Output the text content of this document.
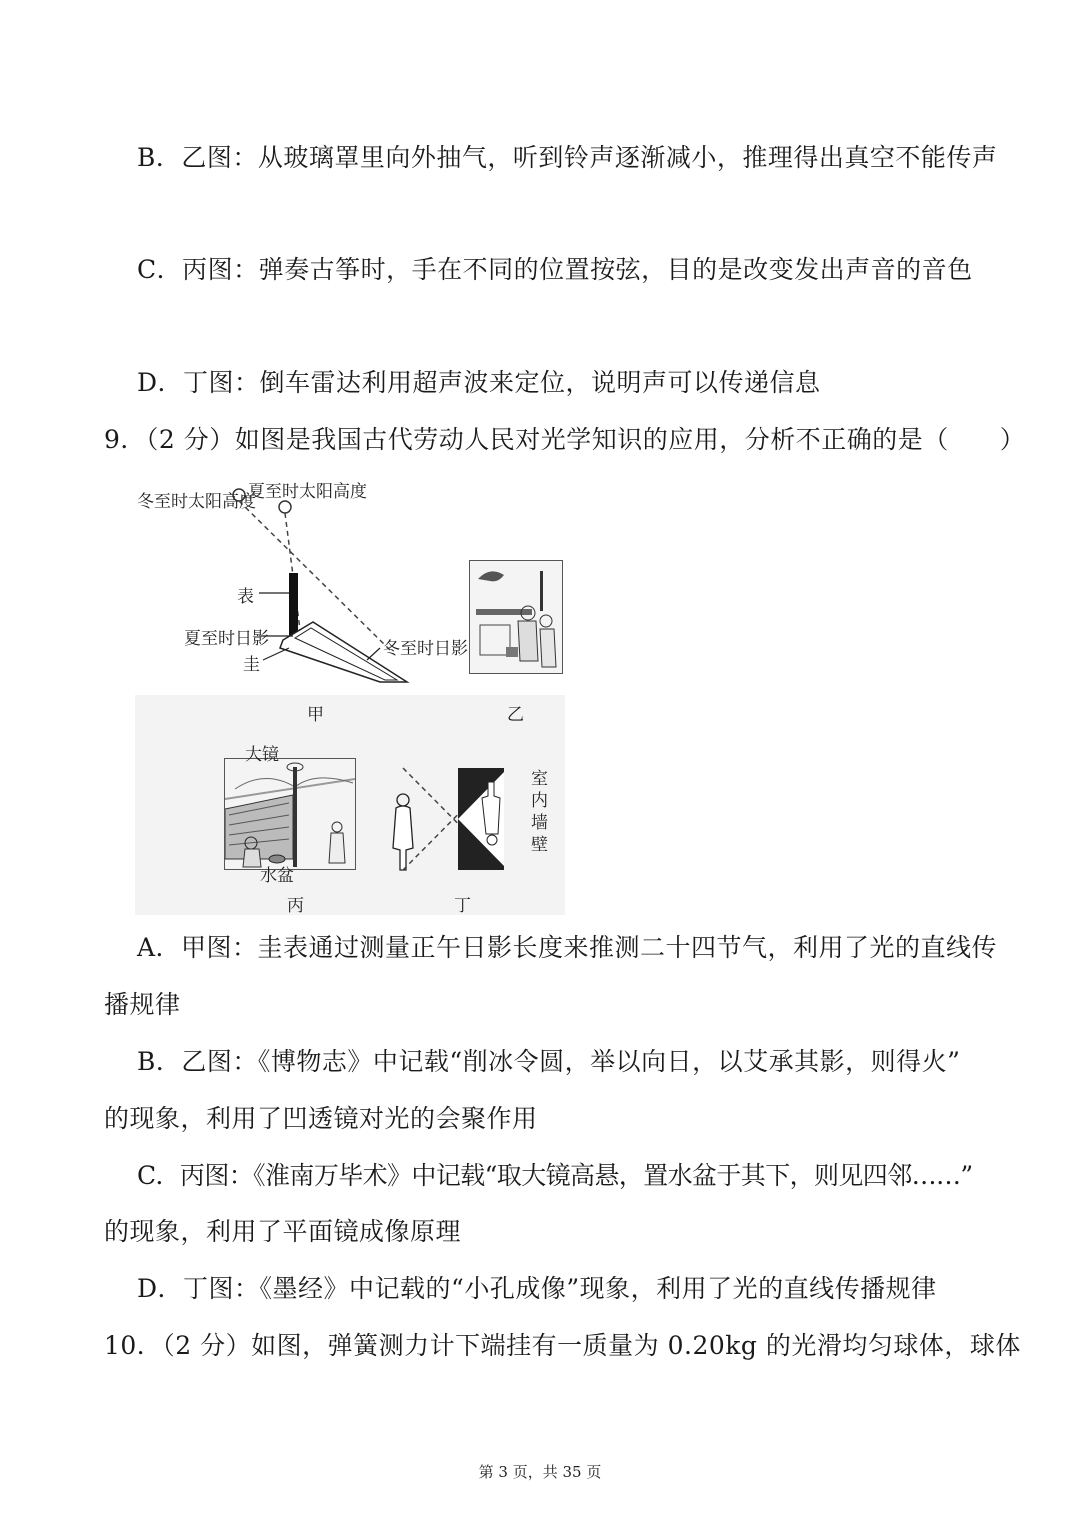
B．乙图：从玻璃罩里向外抽气，听到铃声逐渐减小，推理得出真空不能传声
C．丙图：弹奏古筝时，手在不同的位置按弦，目的是改变发出声音的音色
D．丁图：倒车雷达利用超声波来定位，说明声可以传递信息
9．（2 分）如图是我国古代劳动人民对光学知识的应用，分析不正确的是（　　）
冬至时太阳高度
夏至时太阳高度
表
夏至时日影
圭
冬至时日影
甲	乙
大镜
水盆
丙
室
内
墙
壁
丁
A．甲图：圭表通过测量正午日影长度来推测二十四节气，利用了光的直线传
播规律
B．乙图：《博物志》中记载“削冰令圆，举以向日，以艾承其影，则得火”
的现象，利用了凹透镜对光的会聚作用
C．丙图：《淮南万毕术》中记载“取大镜高悬，置水盆于其下，则见四邻……”
的现象，利用了平面镜成像原理
D．丁图：《墨经》中记载的“小孔成像”现象，利用了光的直线传播规律
10．（2 分）如图，弹簧测力计下端挂有一质量为 0.20kg 的光滑均匀球体，球体
第 3 页，共 35 页
